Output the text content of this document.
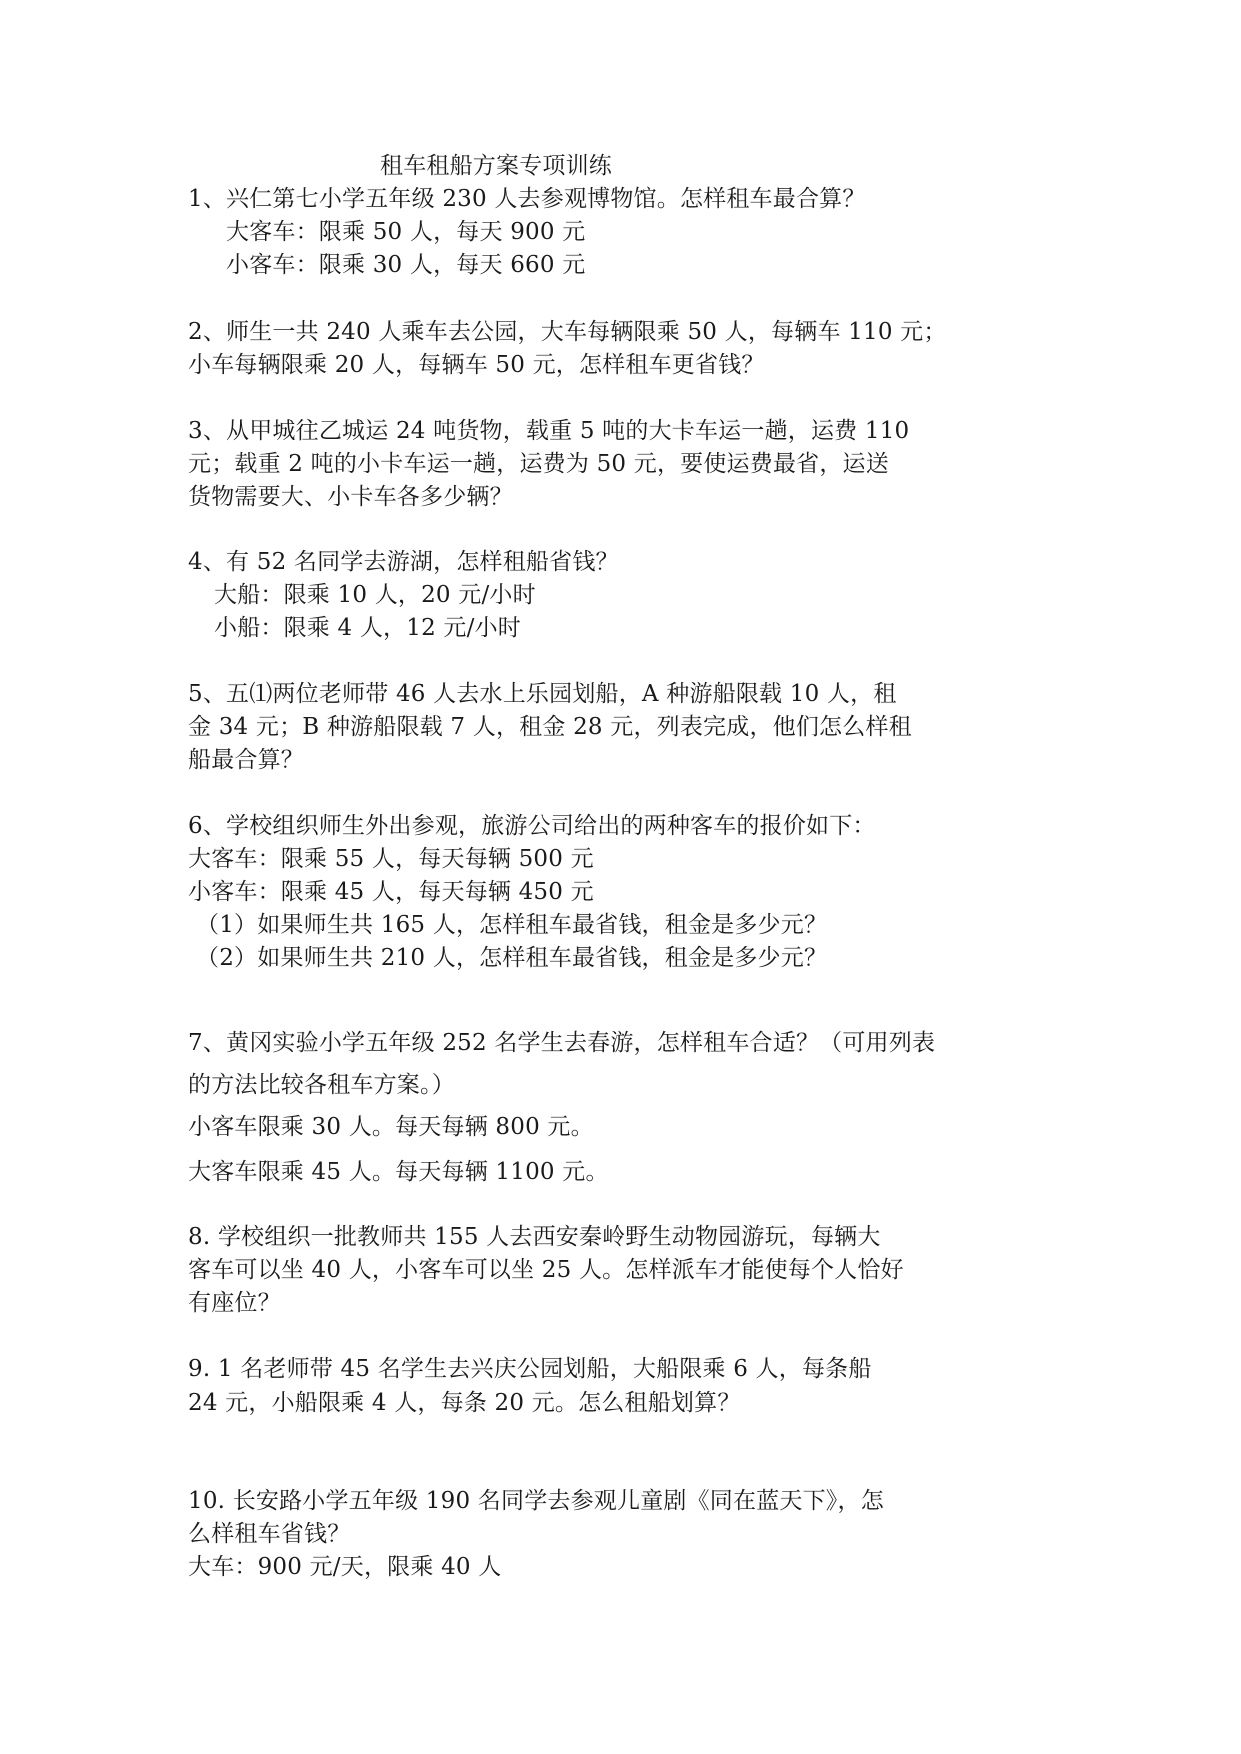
租车租船方案专项训练
1、兴仁第七小学五年级 230 人去参观博物馆。怎样租车最合算？
大客车：限乘 50 人，每天 900 元
小客车：限乘 30 人，每天 660 元
2、师生一共 240 人乘车去公园，大车每辆限乘 50 人，每辆车 110 元；
小车每辆限乘 20 人，每辆车 50 元，怎样租车更省钱？
3、从甲城往乙城运 24 吨货物，载重 5 吨的大卡车运一趟，运费 110
元；载重 2 吨的小卡车运一趟，运费为 50 元，要使运费最省，运送
货物需要大、小卡车各多少辆？
4、有 52 名同学去游湖，怎样租船省钱？
大船：限乘 10 人，20 元/小时
小船：限乘 4 人，12 元/小时
5、五⑴两位老师带 46 人去水上乐园划船，A 种游船限载 10 人，租
金 34 元；B 种游船限载 7 人，租金 28 元，列表完成，他们怎么样租
船最合算？
6、学校组织师生外出参观，旅游公司给出的两种客车的报价如下：
大客车：限乘 55 人，每天每辆 500 元
小客车：限乘 45 人，每天每辆 450 元
（1）如果师生共 165 人，怎样租车最省钱，租金是多少元？
（2）如果师生共 210 人，怎样租车最省钱，租金是多少元？
7、黄冈实验小学五年级 252 名学生去春游，怎样租车合适？（可用列表
的方法比较各租车方案。）
小客车限乘 30 人。每天每辆 800 元。
大客车限乘 45 人。每天每辆 1100 元。
8. 学校组织一批教师共 155 人去西安秦岭野生动物园游玩，每辆大
客车可以坐 40 人，小客车可以坐 25 人。怎样派车才能使每个人恰好
有座位？
9. 1 名老师带 45 名学生去兴庆公园划船，大船限乘 6 人，每条船
24 元，小船限乘 4 人，每条 20 元。怎么租船划算？
10. 长安路小学五年级 190 名同学去参观儿童剧《同在蓝天下》，怎
么样租车省钱？
大车：900 元/天，限乘 40 人
